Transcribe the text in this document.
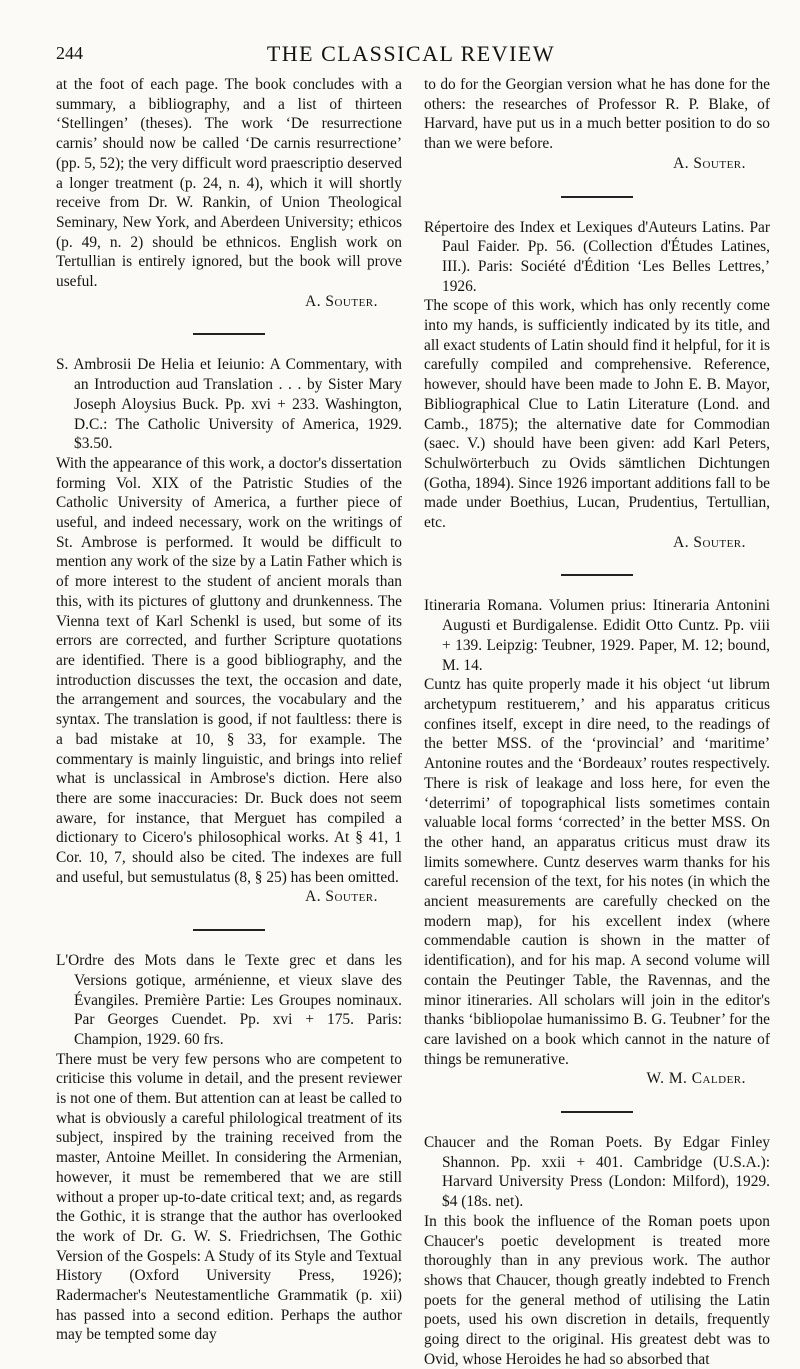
244	THE CLASSICAL REVIEW

at the foot of each page. The book concludes with a summary, a bibliography, and a list of thirteen ‘Stellingen’ (theses). The work ‘De resurrectione carnis’ should now be called ‘De carnis resurrectione’ (pp. 5, 52); the very difficult word praescriptio deserved a longer treatment (p. 24, n. 4), which it will shortly receive from Dr. W. Rankin, of Union Theological Seminary, New York, and Aberdeen University; ethicos (p. 49, n. 2) should be ethnicos. English work on Tertullian is entirely ignored, but the book will prove useful.

A. Souter.

S. Ambrosii De Helia et Ieiunio: A Commentary, with an Introduction aud Translation . . . by Sister Mary Joseph Aloysius Buck. Pp. xvi + 233. Washington, D.C.: The Catholic University of America, 1929. $3.50.

With the appearance of this work, a doctor's dissertation forming Vol. XIX of the Patristic Studies of the Catholic University of America, a further piece of useful, and indeed necessary, work on the writings of St. Ambrose is performed. It would be difficult to mention any work of the size by a Latin Father which is of more interest to the student of ancient morals than this, with its pictures of gluttony and drunkenness. The Vienna text of Karl Schenkl is used, but some of its errors are corrected, and further Scripture quotations are identified. There is a good bibliography, and the introduction discusses the text, the occasion and date, the arrangement and sources, the vocabulary and the syntax. The translation is good, if not faultless: there is a bad mistake at 10, § 33, for example. The commentary is mainly linguistic, and brings into relief what is unclassical in Ambrose's diction. Here also there are some inaccuracies: Dr. Buck does not seem aware, for instance, that Merguet has compiled a dictionary to Cicero's philosophical works. At § 41, 1 Cor. 10, 7, should also be cited. The indexes are full and useful, but semustulatus (8, § 25) has been omitted.

A. Souter.

L'Ordre des Mots dans le Texte grec et dans les Versions gotique, arménienne, et vieux slave des Évangiles. Première Partie: Les Groupes nominaux. Par Georges Cuendet. Pp. xvi + 175. Paris: Champion, 1929. 60 frs.

There must be very few persons who are competent to criticise this volume in detail, and the present reviewer is not one of them. But attention can at least be called to what is obviously a careful philological treatment of its subject, inspired by the training received from the master, Antoine Meillet. In considering the Armenian, however, it must be remembered that we are still without a proper up-to-date critical text; and, as regards the Gothic, it is strange that the author has overlooked the work of Dr. G. W. S. Friedrichsen, The Gothic Version of the Gospels: A Study of its Style and Textual History (Oxford University Press, 1926); Radermacher's Neutestamentliche Grammatik (p. xii) has passed into a second edition. Perhaps the author may be tempted some day

to do for the Georgian version what he has done for the others: the researches of Professor R. P. Blake, of Harvard, have put us in a much better position to do so than we were before.

A. Souter.

Répertoire des Index et Lexiques d'Auteurs Latins. Par Paul Faider. Pp. 56. (Collection d'Études Latines, III.). Paris: Société d'Édition ‘Les Belles Lettres,’ 1926.

The scope of this work, which has only recently come into my hands, is sufficiently indicated by its title, and all exact students of Latin should find it helpful, for it is carefully compiled and comprehensive. Reference, however, should have been made to John E. B. Mayor, Bibliographical Clue to Latin Literature (Lond. and Camb., 1875); the alternative date for Commodian (saec. V.) should have been given: add Karl Peters, Schulwörterbuch zu Ovids sämtlichen Dichtungen (Gotha, 1894). Since 1926 important additions fall to be made under Boethius, Lucan, Prudentius, Tertullian, etc.

A. Souter.

Itineraria Romana. Volumen prius: Itineraria Antonini Augusti et Burdigalense. Edidit Otto Cuntz. Pp. viii + 139. Leipzig: Teubner, 1929. Paper, M. 12; bound, M. 14.

Cuntz has quite properly made it his object ‘ut librum archetypum restituerem,’ and his apparatus criticus confines itself, except in dire need, to the readings of the better MSS. of the ‘provincial’ and ‘maritime’ Antonine routes and the ‘Bordeaux’ routes respectively. There is risk of leakage and loss here, for even the ‘deterrimi’ of topographical lists sometimes contain valuable local forms ‘corrected’ in the better MSS. On the other hand, an apparatus criticus must draw its limits somewhere. Cuntz deserves warm thanks for his careful recension of the text, for his notes (in which the ancient measurements are carefully checked on the modern map), for his excellent index (where commendable caution is shown in the matter of identification), and for his map. A second volume will contain the Peutinger Table, the Ravennas, and the minor itineraries. All scholars will join in the editor's thanks ‘bibliopolae humanissimo B. G. Teubner’ for the care lavished on a book which cannot in the nature of things be remunerative.

W. M. Calder.

Chaucer and the Roman Poets. By Edgar Finley Shannon. Pp. xxii + 401. Cambridge (U.S.A.): Harvard University Press (London: Milford), 1929. $4 (18s. net).

In this book the influence of the Roman poets upon Chaucer's poetic development is treated more thoroughly than in any previous work. The author shows that Chaucer, though greatly indebted to French poets for the general method of utilising the Latin poets, used his own discretion in details, frequently going direct to the original. His greatest debt was to Ovid, whose Heroides he had so absorbed that
